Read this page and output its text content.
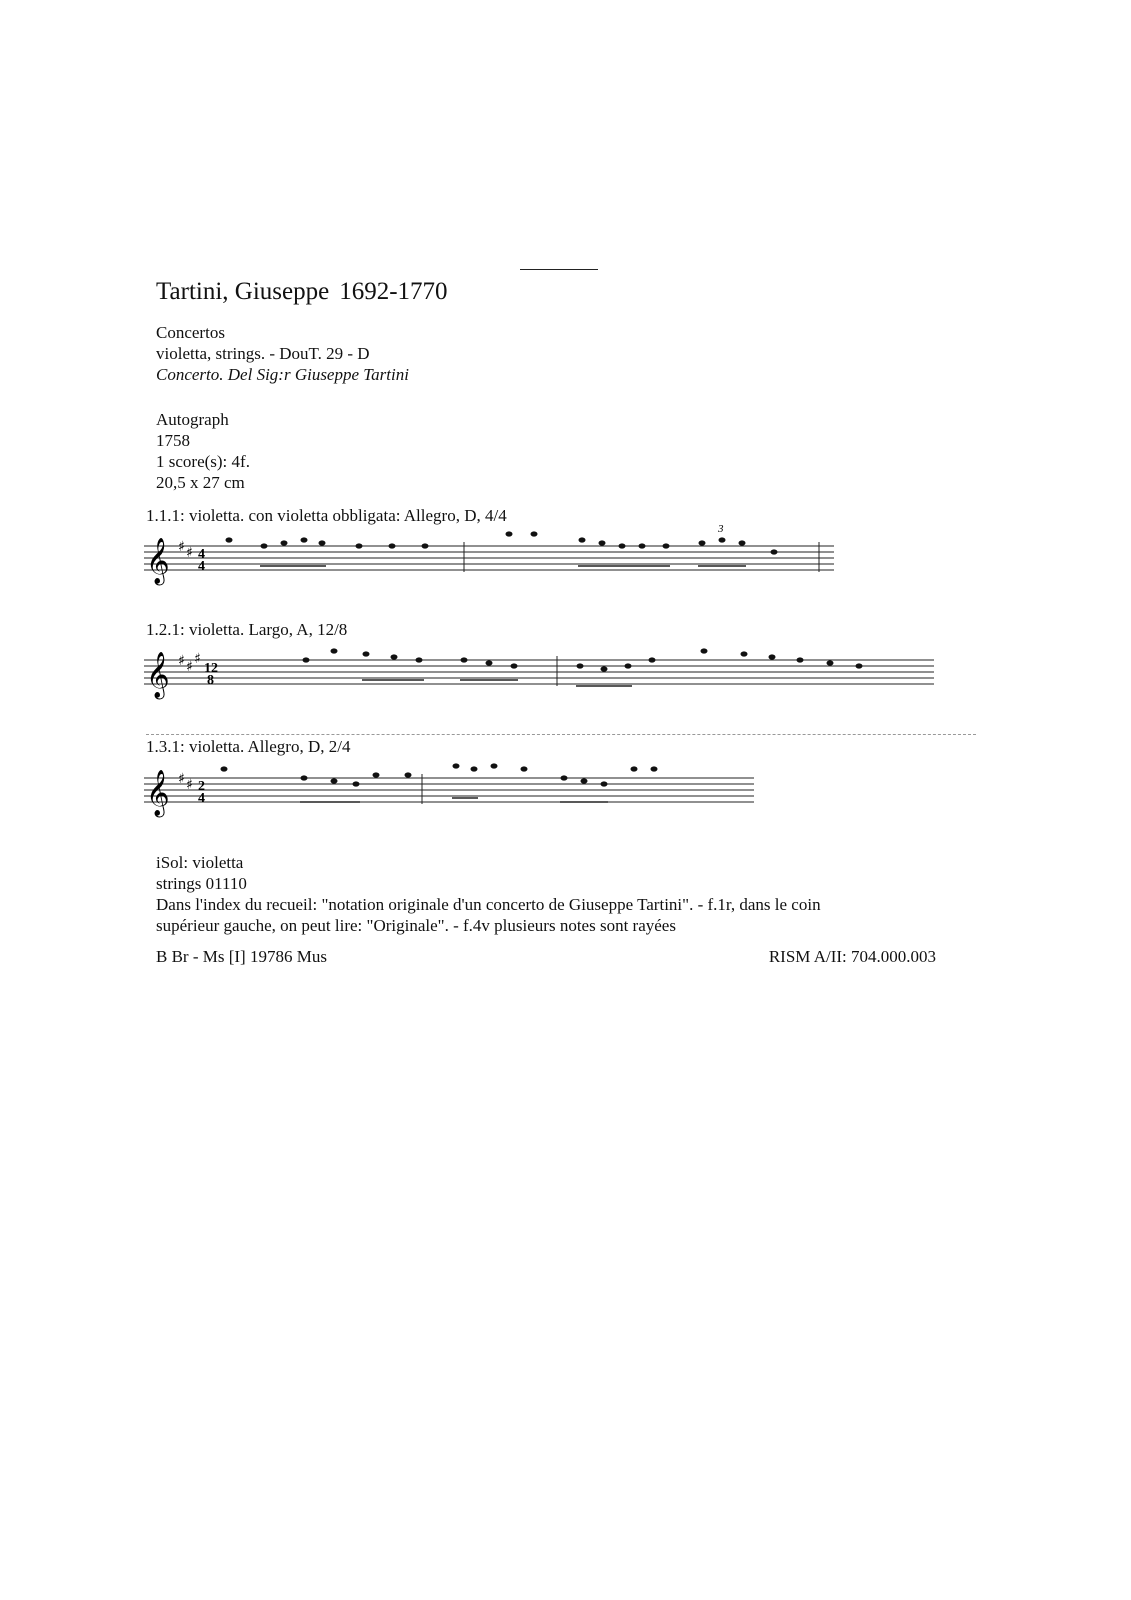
Tartini, Giuseppe 1692-1770
Concertos
violetta, strings. - DouT. 29 - D
Concerto. Del Sig:r Giuseppe Tartini
Autograph
1758
1 score(s): 4f.
20,5 x 27 cm
1.1.1: violetta. con violetta obbligata: Allegro, D, 4/4
𝄞 ♯ ♯ 4
4
3
1.2.1: violetta. Largo, A, 12/8
𝄞 ♯ ♯ ♯
12
8
1.3.1: violetta. Allegro, D, 2/4
𝄞 ♯ ♯ 2
4
iSol: violetta
strings 01110
Dans l'index du recueil: "notation originale d'un concerto de Giuseppe Tartini". - f.1r, dans le coin
supérieur gauche, on peut lire: "Originale". - f.4v plusieurs notes sont rayées
B Br - Ms [I] 19786 Mus	RISM A/II: 704.000.003
